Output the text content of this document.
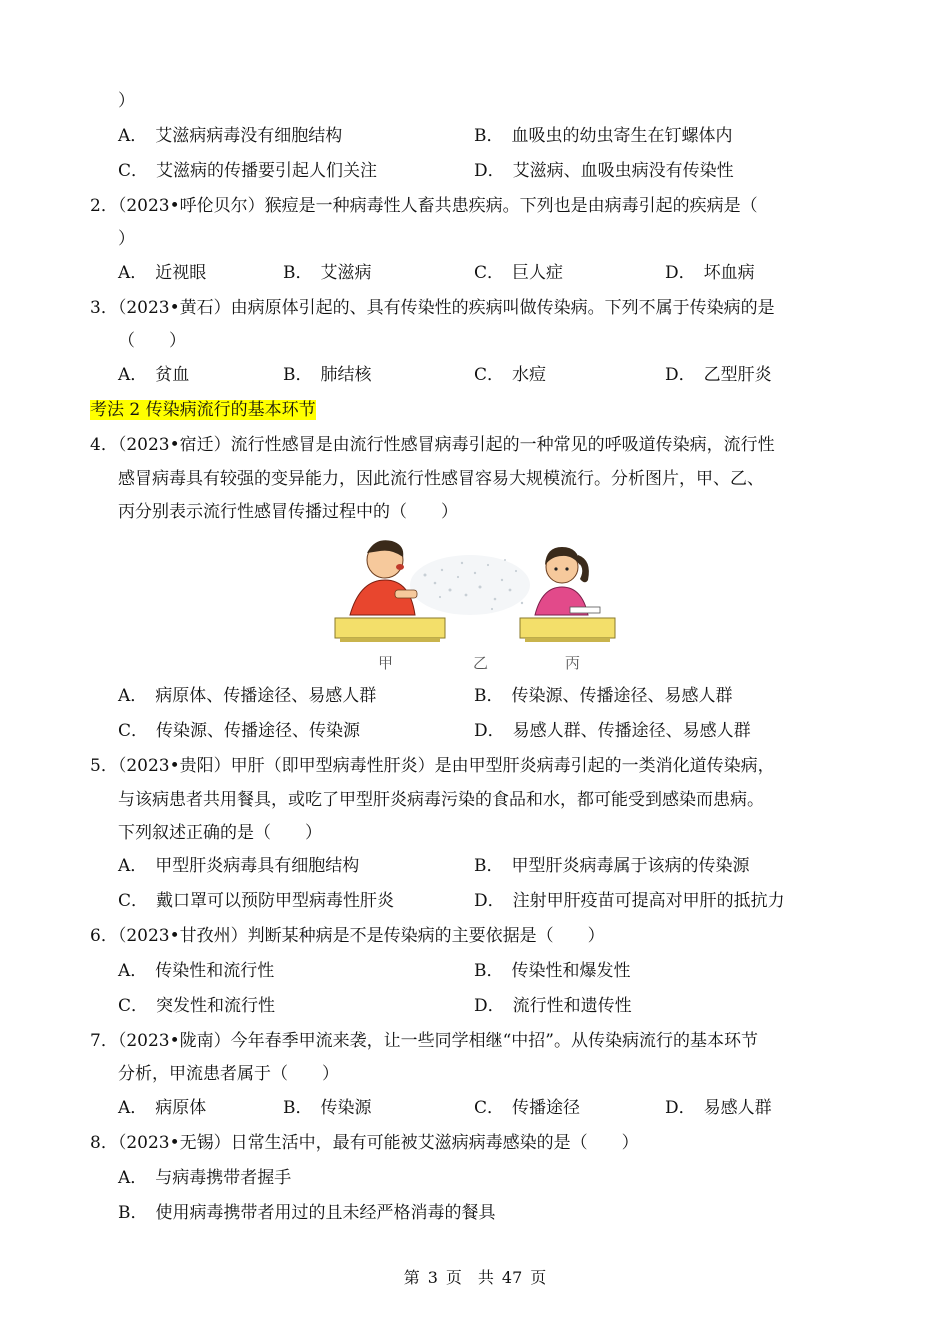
）
A． 艾滋病病毒没有细胞结构	B． 血吸虫的幼虫寄生在钉螺体内
C． 艾滋病的传播要引起人们关注	D． 艾滋病、血吸虫病没有传染性
2．（2023•呼伦贝尔）猴痘是一种病毒性人畜共患疾病。下列也是由病毒引起的疾病是（
）
A． 近视眼	B． 艾滋病	C． 巨人症	D． 坏血病
3．（2023•黄石）由病原体引起的、具有传染性的疾病叫做传染病。下列不属于传染病的是
（　　）
A． 贫血	B． 肺结核	C． 水痘	D． 乙型肝炎
考法 2 传染病流行的基本环节
4．（2023•宿迁）流行性感冒是由流行性感冒病毒引起的一种常见的呼吸道传染病，流行性
感冒病毒具有较强的变异能力，因此流行性感冒容易大规模流行。分析图片，甲、乙、
丙分别表示流行性感冒传播过程中的（　　）
甲	乙	丙
A． 病原体、传播途径、易感人群	B． 传染源、传播途径、易感人群
C． 传染源、传播途径、传染源	D． 易感人群、传播途径、易感人群
5．（2023•贵阳）甲肝（即甲型病毒性肝炎）是由甲型肝炎病毒引起的一类消化道传染病，
与该病患者共用餐具，或吃了甲型肝炎病毒污染的食品和水，都可能受到感染而患病。
下列叙述正确的是（　　）
A． 甲型肝炎病毒具有细胞结构	B． 甲型肝炎病毒属于该病的传染源
C． 戴口罩可以预防甲型病毒性肝炎	D． 注射甲肝疫苗可提高对甲肝的抵抗力
6．（2023•甘孜州）判断某种病是不是传染病的主要依据是（　　）
A． 传染性和流行性	B． 传染性和爆发性
C． 突发性和流行性	D． 流行性和遗传性
7．（2023•陇南）今年春季甲流来袭，让一些同学相继“中招”。从传染病流行的基本环节
分析，甲流患者属于（　　）
A． 病原体	B． 传染源	C． 传播途径	D． 易感人群
8．（2023•无锡）日常生活中，最有可能被艾滋病病毒感染的是（　　）
A． 与病毒携带者握手
B． 使用病毒携带者用过的且未经严格消毒的餐具
第 3 页　共 47 页
